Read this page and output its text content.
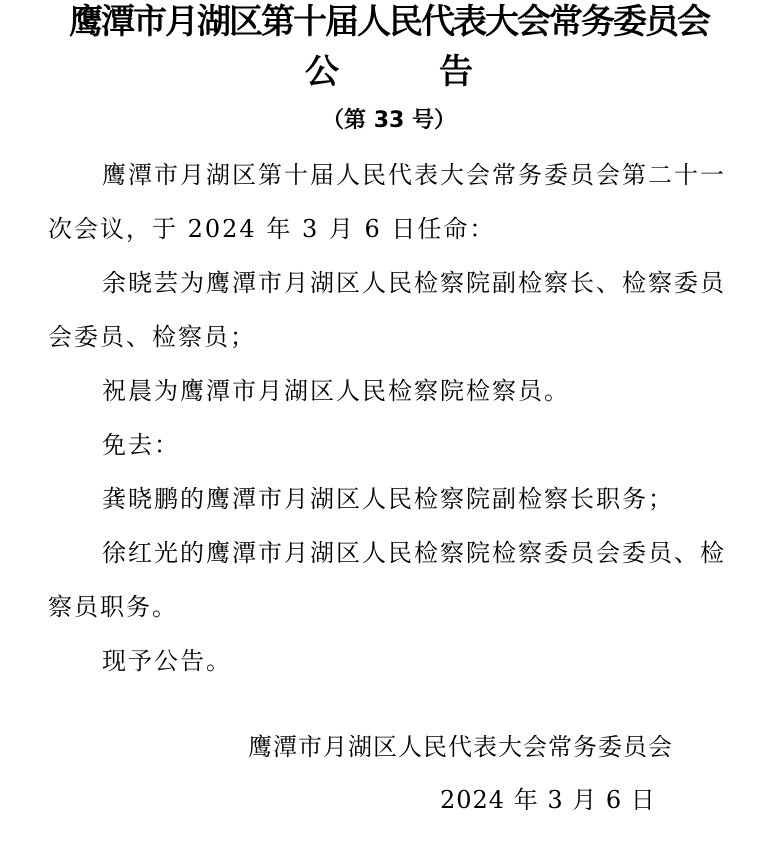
鹰潭市月湖区第十届人民代表大会常务委员会
公	告
（第 33 号）

鹰潭市月湖区第十届人民代表大会常务委员会第二十一次会议，于 2024 年 3 月 6 日任命：

余晓芸为鹰潭市月湖区人民检察院副检察长、检察委员会委员、检察员；

祝晨为鹰潭市月湖区人民检察院检察员。

免去：

龚晓鹏的鹰潭市月湖区人民检察院副检察长职务；

徐红光的鹰潭市月湖区人民检察院检察委员会委员、检察员职务。

现予公告。

鹰潭市月湖区人民代表大会常务委员会
2024 年 3 月 6 日
